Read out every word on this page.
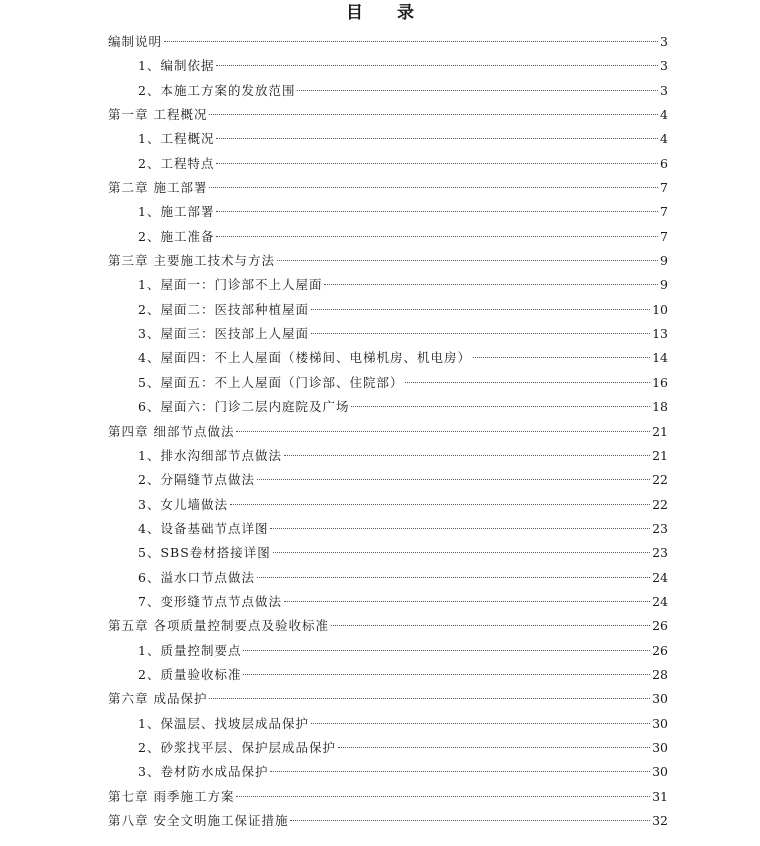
目 录
编制说明	3
1、编制依据	3
2、本施工方案的发放范围	3
第一章 工程概况	4
1、工程概况	4
2、工程特点	6
第二章 施工部署	7
1、施工部署	7
2、施工准备	7
第三章 主要施工技术与方法	9
1、屋面一：门诊部不上人屋面	9
2、屋面二：医技部种植屋面	10
3、屋面三：医技部上人屋面	13
4、屋面四：不上人屋面（楼梯间、电梯机房、机电房）	14
5、屋面五：不上人屋面（门诊部、住院部）	16
6、屋面六：门诊二层内庭院及广场	18
第四章 细部节点做法	21
1、排水沟细部节点做法	21
2、分隔缝节点做法	22
3、女儿墙做法	22
4、设备基础节点详图	23
5、SBS卷材搭接详图	23
6、溢水口节点做法	24
7、变形缝节点节点做法	24
第五章 各项质量控制要点及验收标准	26
1、质量控制要点	26
2、质量验收标准	28
第六章 成品保护	30
1、保温层、找坡层成品保护	30
2、砂浆找平层、保护层成品保护	30
3、卷材防水成品保护	30
第七章 雨季施工方案	31
第八章 安全文明施工保证措施	32
